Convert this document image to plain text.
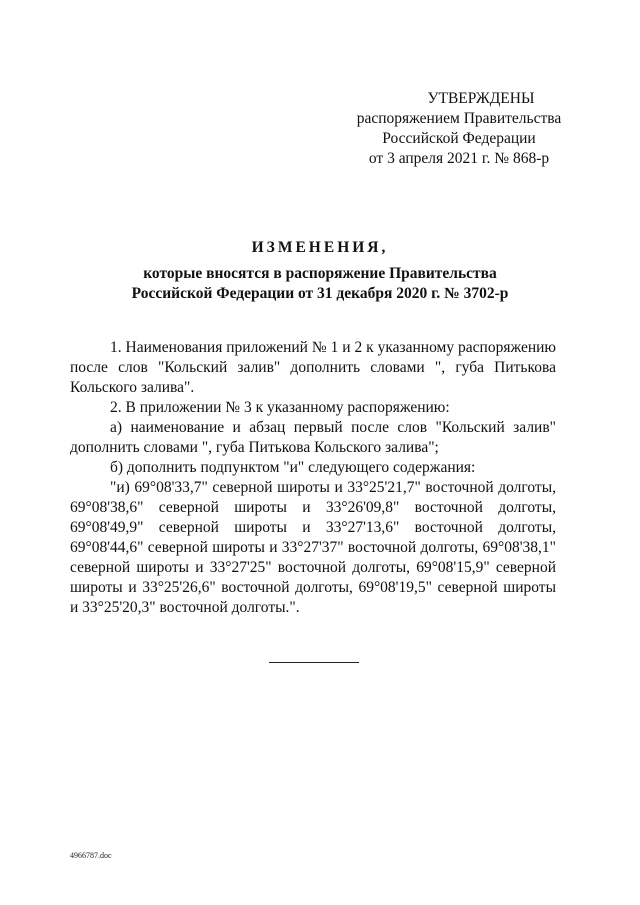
УТВЕРЖДЕНЫ
распоряжением Правительства
Российской Федерации
от 3 апреля 2021 г. № 868-р
ИЗМЕНЕНИЯ,
которые вносятся в распоряжение Правительства
Российской Федерации от 31 декабря 2020 г. № 3702-р

1. Наименования приложений № 1 и 2 к указанному распоряжению после слов "Кольский залив" дополнить словами ", губа Питькова Кольского залива".

2. В приложении № 3 к указанному распоряжению:

а) наименование и абзац первый после слов "Кольский залив" дополнить словами ", губа Питькова Кольского залива";

б) дополнить подпунктом "и" следующего содержания:

"и) 69°08'33,7" северной широты и 33°25'21,7" восточной долготы, 69°08'38,6" северной широты и 33°26'09,8" восточной долготы, 69°08'49,9" северной широты и 33°27'13,6" восточной долготы, 69°08'44,6" северной широты и 33°27'37" восточной долготы, 69°08'38,1" северной широты и 33°27'25" восточной долготы, 69°08'15,9" северной широты и 33°25'26,6" восточной долготы, 69°08'19,5" северной широты и 33°25'20,3" восточной долготы.".

4966787.doc
